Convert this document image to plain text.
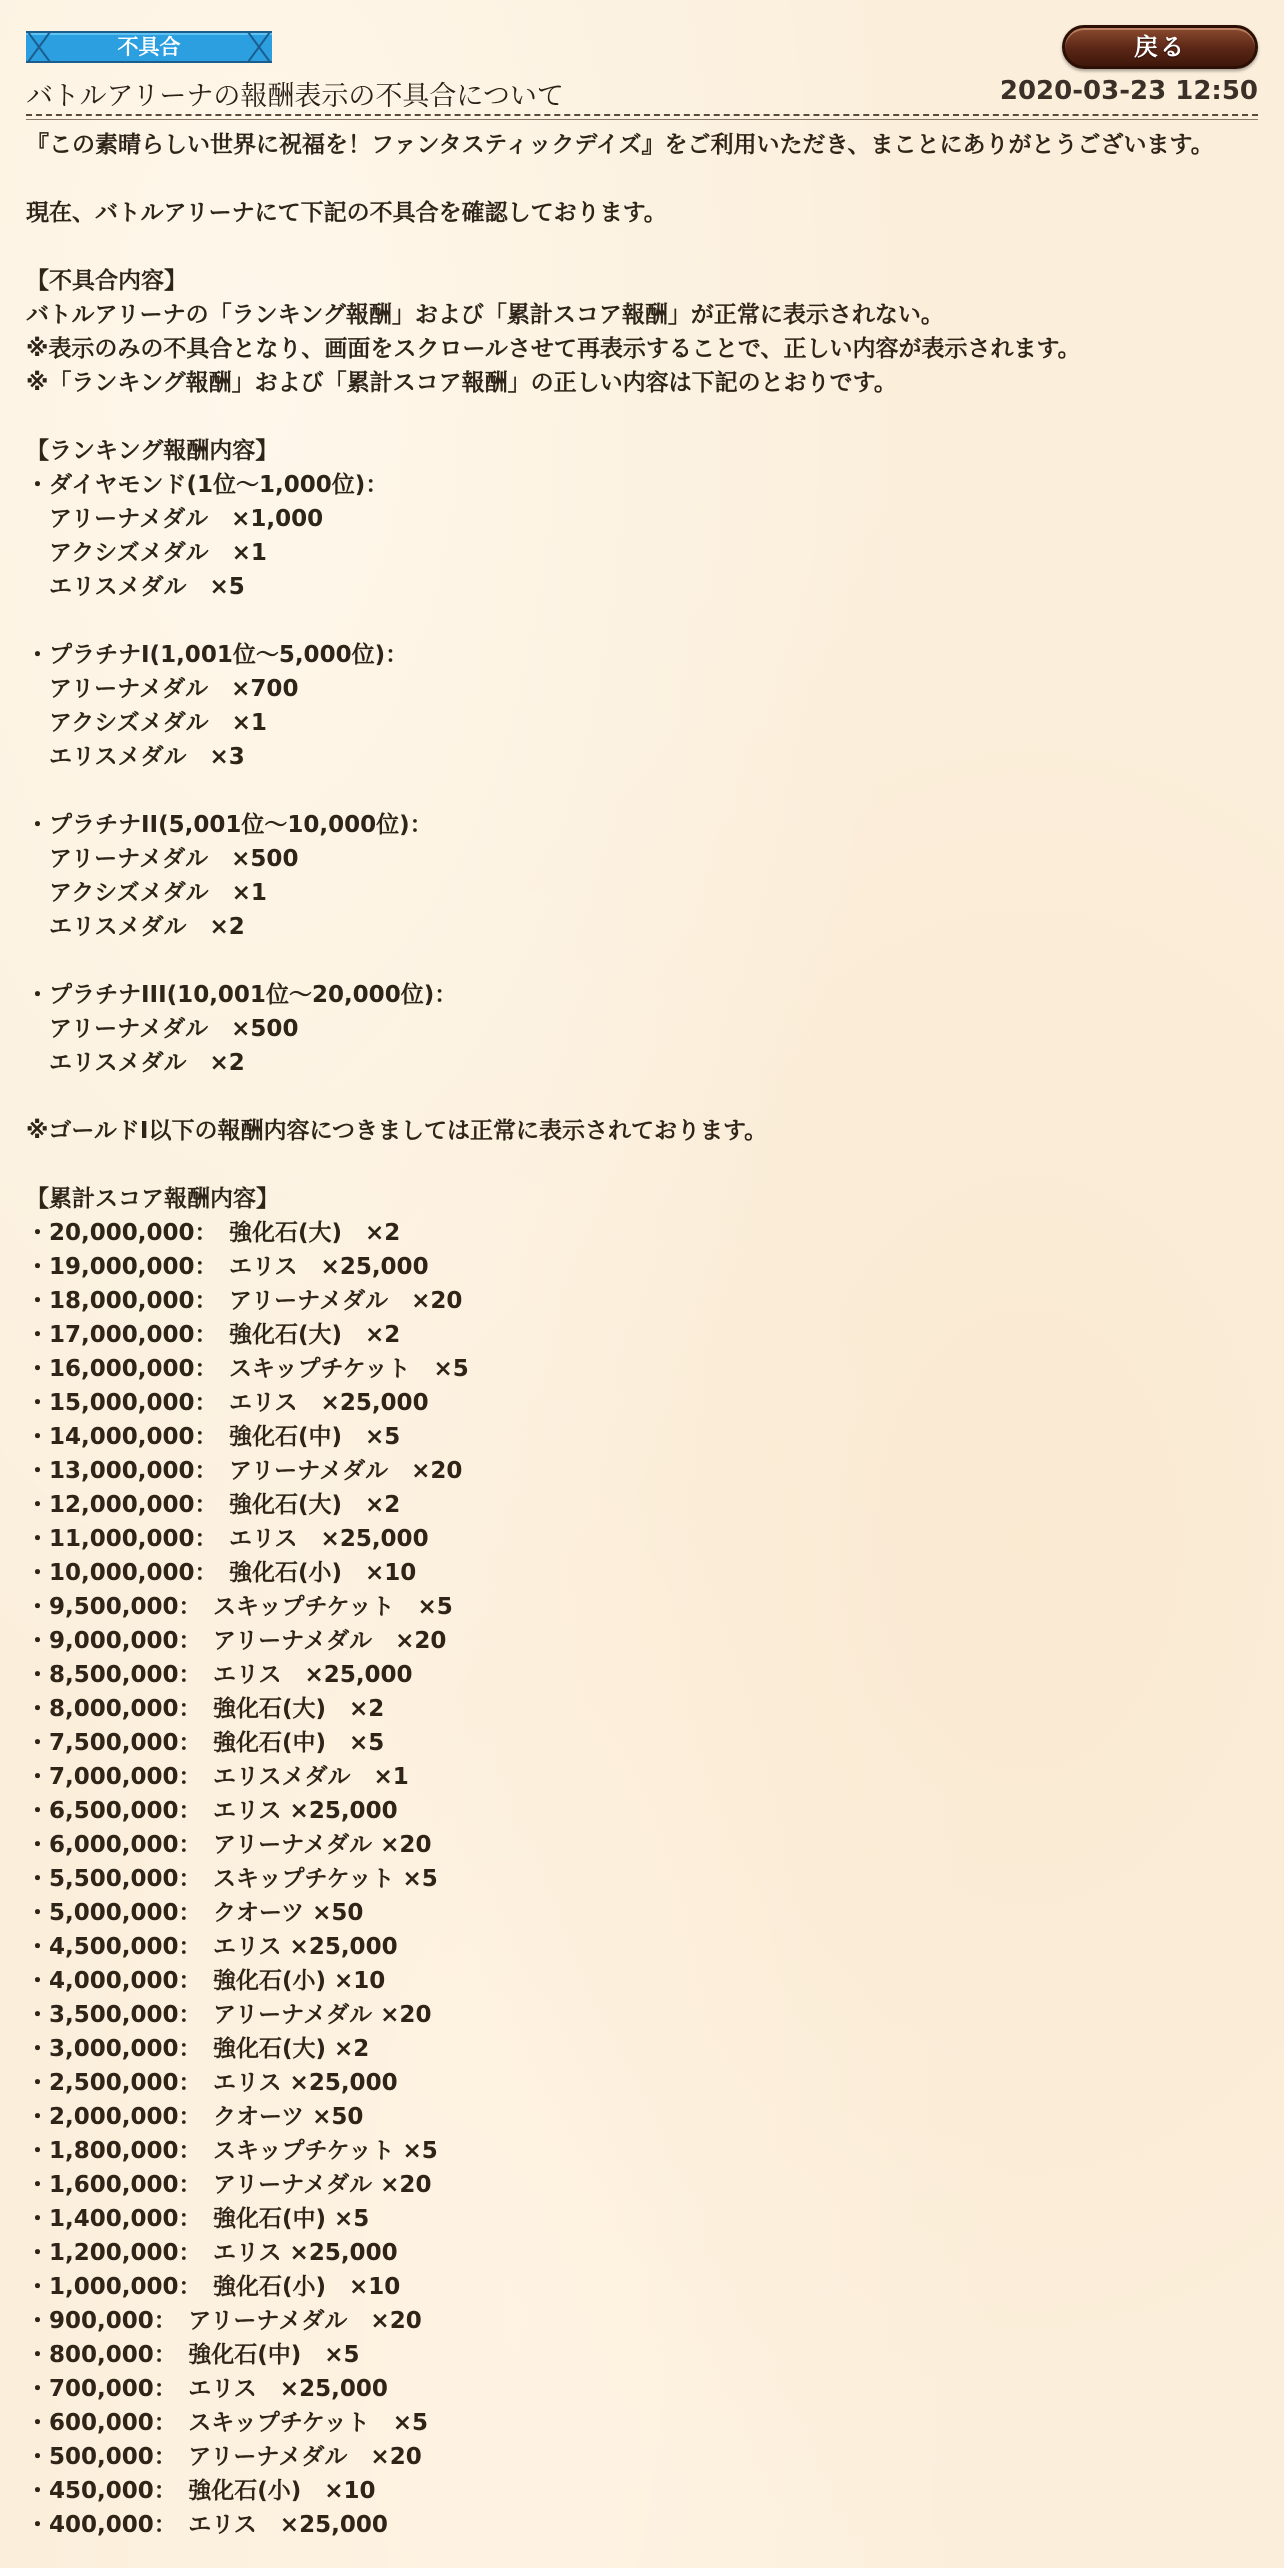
不具合	戻る
バトルアリーナの報酬表示の不具合について	2020-03-23 12:50
『この素晴らしい世界に祝福を！ファンタスティックデイズ』をご利用いただき、まことにありがとうございます。
現在、バトルアリーナにて下記の不具合を確認しております。
【不具合内容】
バトルアリーナの「ランキング報酬」および「累計スコア報酬」が正常に表示されない。
※表示のみの不具合となり、画面をスクロールさせて再表示することで、正しい内容が表示されます。
※「ランキング報酬」および「累計スコア報酬」の正しい内容は下記のとおりです。
【ランキング報酬内容】
・ダイヤモンド(1位〜1,000位)：
　アリーナメダル　×1,000
　アクシズメダル　×1
　エリスメダル　×5
・プラチナI(1,001位〜5,000位)：
　アリーナメダル　×700
　アクシズメダル　×1
　エリスメダル　×3
・プラチナII(5,001位〜10,000位)：
　アリーナメダル　×500
　アクシズメダル　×1
　エリスメダル　×2
・プラチナIII(10,001位〜20,000位)：
　アリーナメダル　×500
　エリスメダル　×2
※ゴールドⅠ以下の報酬内容につきましては正常に表示されております。
【累計スコア報酬内容】
・20,000,000：　強化石(大)　×2
・19,000,000：　エリス　×25,000
・18,000,000：　アリーナメダル　×20
・17,000,000：　強化石(大)　×2
・16,000,000：　スキップチケット　×5
・15,000,000：　エリス　×25,000
・14,000,000：　強化石(中)　×5
・13,000,000：　アリーナメダル　×20
・12,000,000：　強化石(大)　×2
・11,000,000：　エリス　×25,000
・10,000,000：　強化石(小)　×10
・9,500,000：　スキップチケット　×5
・9,000,000：　アリーナメダル　×20
・8,500,000：　エリス　×25,000
・8,000,000：　強化石(大)　×2
・7,500,000：　強化石(中)　×5
・7,000,000：　エリスメダル　×1
・6,500,000：　エリス ×25,000
・6,000,000：　アリーナメダル ×20
・5,500,000：　スキップチケット ×5
・5,000,000：　クオーツ ×50
・4,500,000：　エリス ×25,000
・4,000,000：　強化石(小) ×10
・3,500,000：　アリーナメダル ×20
・3,000,000：　強化石(大) ×2
・2,500,000：　エリス ×25,000
・2,000,000：　クオーツ ×50
・1,800,000：　スキップチケット ×5
・1,600,000：　アリーナメダル ×20
・1,400,000：　強化石(中) ×5
・1,200,000：　エリス ×25,000
・1,000,000：　強化石(小)　×10
・900,000：　アリーナメダル　×20
・800,000：　強化石(中)　×5
・700,000：　エリス　×25,000
・600,000：　スキップチケット　×5
・500,000：　アリーナメダル　×20
・450,000：　強化石(小)　×10
・400,000：　エリス　×25,000
